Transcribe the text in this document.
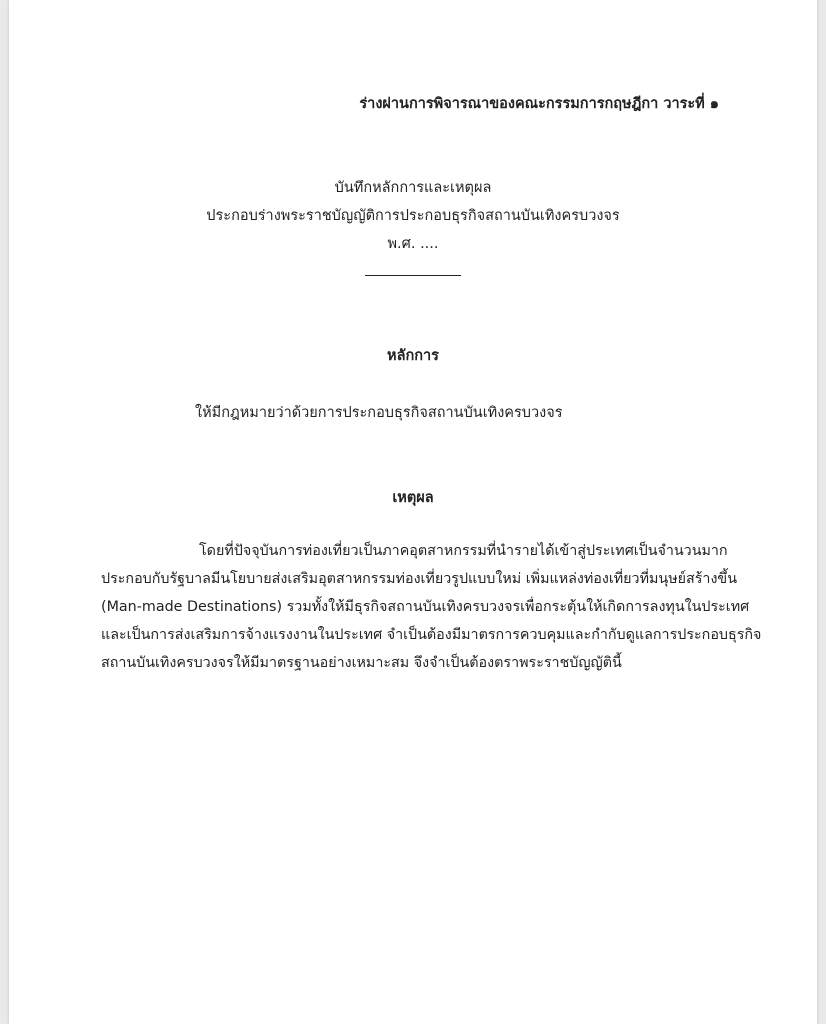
ร่างผ่านการพิจารณาของคณะกรรมการกฤษฎีกา วาระที่ ๑

บันทึกหลักการและเหตุผล

ประกอบร่างพระราชบัญญัติการประกอบธุรกิจสถานบันเทิงครบวงจร

พ.ศ. ....

หลักการ

ให้มีกฎหมายว่าด้วยการประกอบธุรกิจสถานบันเทิงครบวงจร

เหตุผล

โดยที่ปัจจุบันการท่องเที่ยวเป็นภาคอุตสาหกรรมที่นำรายได้เข้าสู่ประเทศเป็นจำนวนมาก
ประกอบกับรัฐบาลมีนโยบายส่งเสริมอุตสาหกรรมท่องเที่ยวรูปแบบใหม่ เพิ่มแหล่งท่องเที่ยวที่มนุษย์สร้างขึ้น
(Man-made Destinations) รวมทั้งให้มีธุรกิจสถานบันเทิงครบวงจรเพื่อกระตุ้นให้เกิดการลงทุนในประเทศ
และเป็นการส่งเสริมการจ้างแรงงานในประเทศ จำเป็นต้องมีมาตรการควบคุมและกำกับดูแลการประกอบธุรกิจ
สถานบันเทิงครบวงจรให้มีมาตรฐานอย่างเหมาะสม จึงจำเป็นต้องตราพระราชบัญญัตินี้
